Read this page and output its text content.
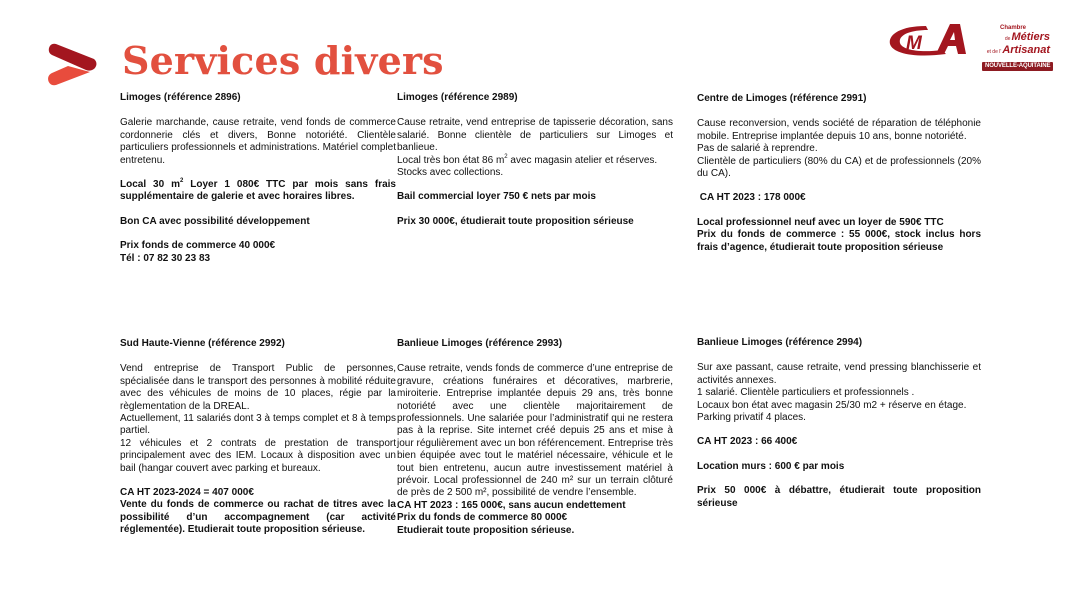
Services divers	M
Chambre
deMétiers
et de l'Artisanat
NOUVELLE-AQUITAINE

Limoges (référence 2896)

Galerie marchande, cause retraite, vend fonds de commerce cordonnerie clés et divers, Bonne notoriété. Clientèle particuliers professionnels et administrations. Matériel complet entretenu.

Local 30 $m^2$ Loyer 1 080€ TTC par mois sans frais supplémentaire de galerie et avec horaires libres.

Bon CA avec possibilité développement

Prix fonds de commerce 40 000€

Tél : 07 82 30 23 83

Limoges (référence 2989)

Cause retraite, vend entreprise de tapisserie décoration, sans salarié. Bonne clientèle de particuliers sur Limoges et banlieue.

Local très bon état 86 $m^2$ avec magasin atelier et réserves.

Stocks avec collections.

Bail commercial loyer 750 € nets par mois

Prix 30 000€, étudierait toute proposition sérieuse

Centre de Limoges (référence 2991)

Cause reconversion, vends société de réparation de téléphonie mobile. Entreprise implantée depuis 10 ans, bonne notoriété.

Pas de salarié à reprendre.

Clientèle de particuliers (80% du CA) et de professionnels (20% du CA).

CA HT 2023 : 178 000€

Local professionnel neuf avec un loyer de 590€ TTC

Prix du fonds de commerce : 55 000€, stock inclus hors frais d’agence, étudierait toute proposition sérieuse

Sud Haute-Vienne (référence 2992)

Vend entreprise de Transport Public de personnes, spécialisée dans le transport des personnes à mobilité réduite avec des véhicules de moins de 10 places, régie par la règlementation de la DREAL.

Actuellement, 11 salariés dont 3 à temps complet et 8 à temps partiel.

12 véhicules et 2 contrats de prestation de transport principalement avec des IEM. Locaux à disposition avec un bail (hangar couvert avec parking et bureaux.

CA HT 2023-2024 = 407 000€

Vente du fonds de commerce ou rachat de titres avec la possibilité d’un accompagnement (car activité réglementée). Etudierait toute proposition sérieuse.

Banlieue Limoges (référence 2993)

Cause retraite, vends fonds de commerce d’une entreprise de gravure, créations funéraires et décoratives, marbrerie, miroiterie. Entreprise implantée depuis 29 ans, très bonne notoriété avec une clientèle majoritairement de professionnels. Une salariée pour l’administratif qui ne restera pas à la reprise. Site internet créé depuis 25 ans et mise à jour régulièrement avec un bon référencement. Entreprise très bien équipée avec tout le matériel nécessaire, véhicule et le tout bien entretenu, aucun autre investissement matériel à prévoir. Local professionnel de 240 m² sur un terrain clôturé de près de 2 500 m², possibilité de vendre l’ensemble.

CA HT 2023 : 165 000€, sans aucun endettement

Prix du fonds de commerce 80 000€

Etudierait toute proposition sérieuse.

Banlieue Limoges (référence 2994)

Sur axe passant, cause retraite, vend pressing blanchisserie et activités annexes.

1 salarié. Clientèle particuliers et professionnels .

Locaux bon état avec magasin 25/30 m2 + réserve en étage.

Parking privatif 4 places.

CA HT 2023 : 66 400€

Location murs : 600 € par mois

Prix 50 000€ à débattre, étudierait toute proposition sérieuse
